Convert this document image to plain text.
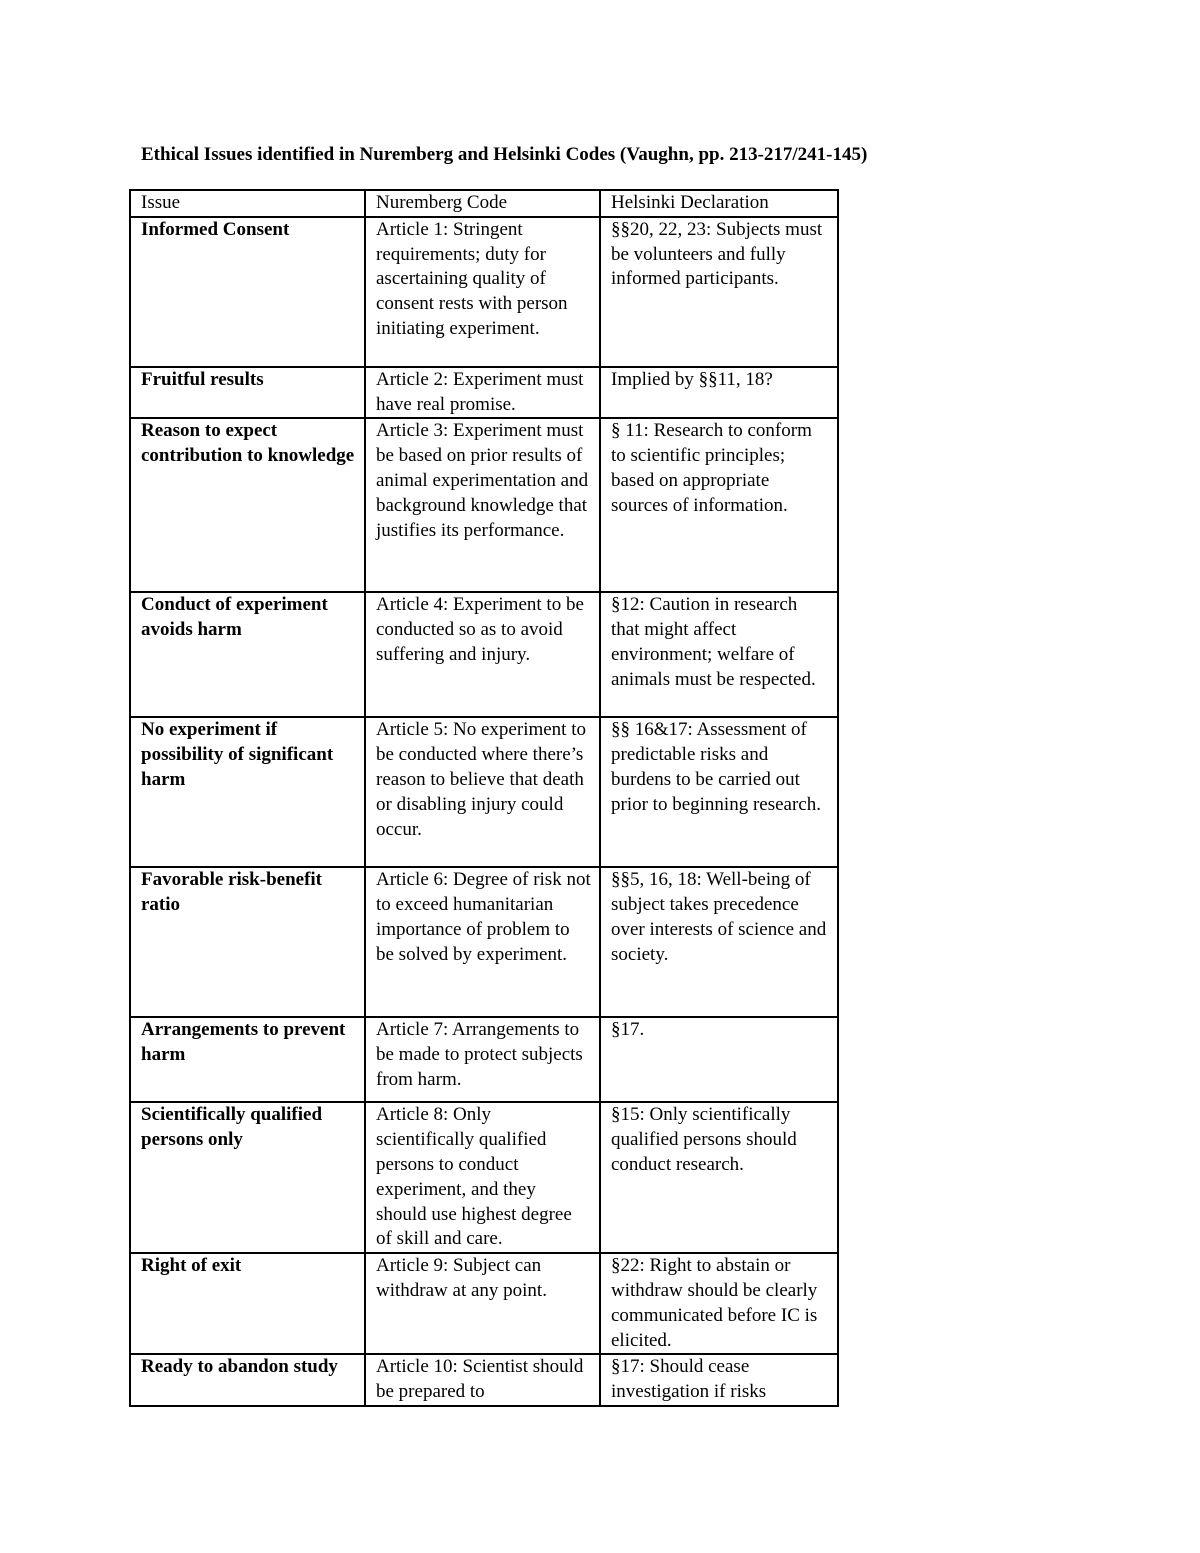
Ethical Issues identified in Nuremberg and Helsinki Codes (Vaughn, pp. 213-217/241-145)
Issue	Nuremberg Code	Helsinki Declaration
Informed Consent	Article 1: Stringent requirements; duty for ascertaining quality of consent rests with person initiating experiment.	§§20, 22, 23: Subjects must be volunteers and fully informed participants.
Fruitful results	Article 2: Experiment must have real promise.	Implied by §§11, 18?
Reason to expect contribution to knowledge	Article 3: Experiment must be based on prior results of animal experimentation and background knowledge that justifies its performance.	§ 11: Research to conform to scientific principles; based on appropriate sources of information.
Conduct of experiment avoids harm	Article 4: Experiment to be conducted so as to avoid suffering and injury.	§12: Caution in research that might affect environment; welfare of animals must be respected.
No experiment if possibility of significant harm	Article 5: No experiment to be conducted where there’s reason to believe that death or disabling injury could occur.	§§ 16&17: Assessment of predictable risks and burdens to be carried out prior to beginning research.
Favorable risk-benefit ratio	Article 6: Degree of risk not to exceed humanitarian importance of problem to be solved by experiment.	§§5, 16, 18: Well-being of subject takes precedence over interests of science and society.
Arrangements to prevent harm	Article 7: Arrangements to be made to protect subjects from harm.	§17.
Scientifically qualified persons only	Article 8: Only scientifically qualified persons to conduct experiment, and they should use highest degree of skill and care.	§15: Only scientifically qualified persons should conduct research.
Right of exit	Article 9: Subject can withdraw at any point.	§22: Right to abstain or withdraw should be clearly communicated before IC is elicited.
Ready to abandon study	Article 10: Scientist should be prepared to	§17: Should cease investigation if risks
